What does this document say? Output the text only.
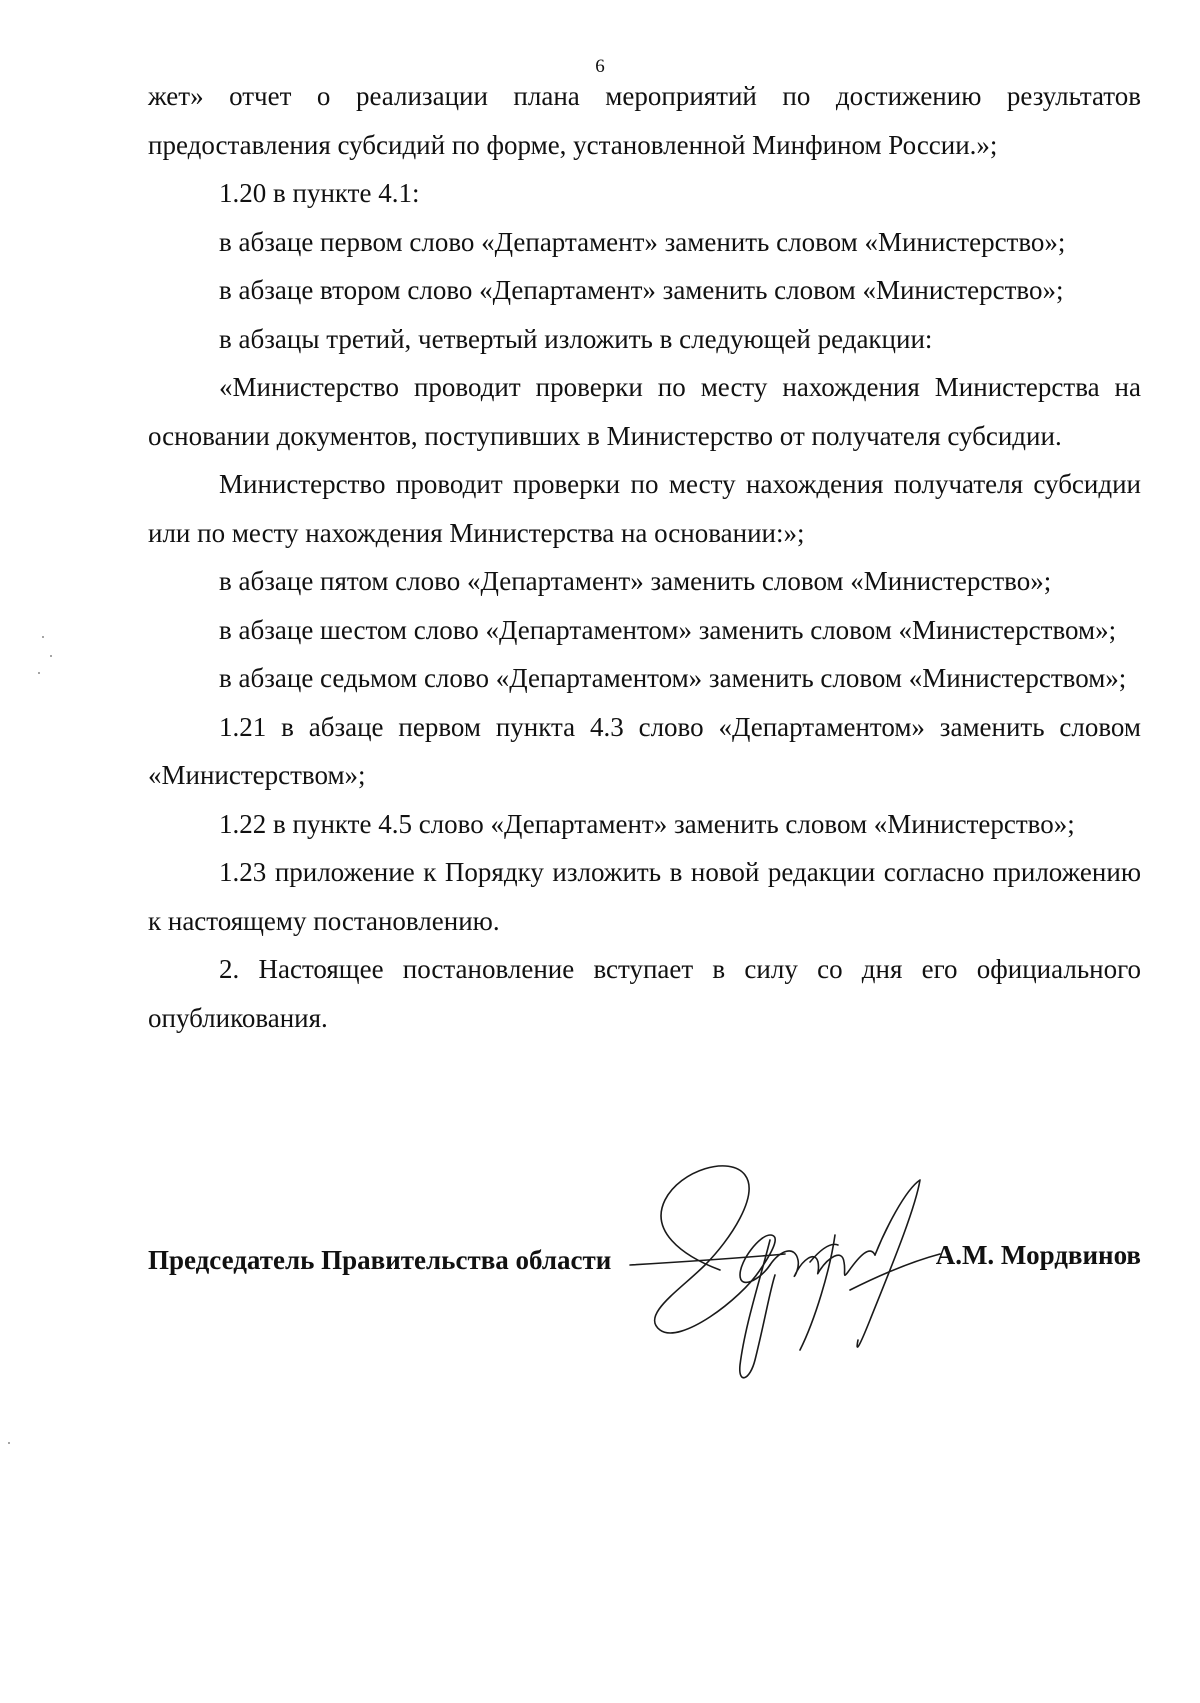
6

жет» отчет о реализации плана мероприятий по достижению результатов предоставления субсидий по форме, установленной Минфином России.»;

1.20 в пункте 4.1:

в абзаце первом слово «Департамент» заменить словом «Министерство»;

в абзаце втором слово «Департамент» заменить словом «Министерство»;

в абзацы третий, четвертый изложить в следующей редакции:

«Министерство проводит проверки по месту нахождения Министерства на основании документов, поступивших в Министерство от получателя субсидии.

Министерство проводит проверки по месту нахождения получателя субсидии или по месту нахождения Министерства на основании:»;

в абзаце пятом слово «Департамент» заменить словом «Министерство»;

в абзаце шестом слово «Департаментом» заменить словом «Министерством»;

в абзаце седьмом слово «Департаментом» заменить словом «Министерством»;

1.21 в абзаце первом пункта 4.3 слово «Департаментом» заменить словом «Министерством»;

1.22 в пункте 4.5 слово «Департамент» заменить словом «Министерство»;

1.23 приложение к Порядку изложить в новой редакции согласно приложению к настоящему постановлению.

2. Настоящее постановление вступает в силу со дня его официального опубликования.

Председатель Правительства области	А.М. Мордвинов
